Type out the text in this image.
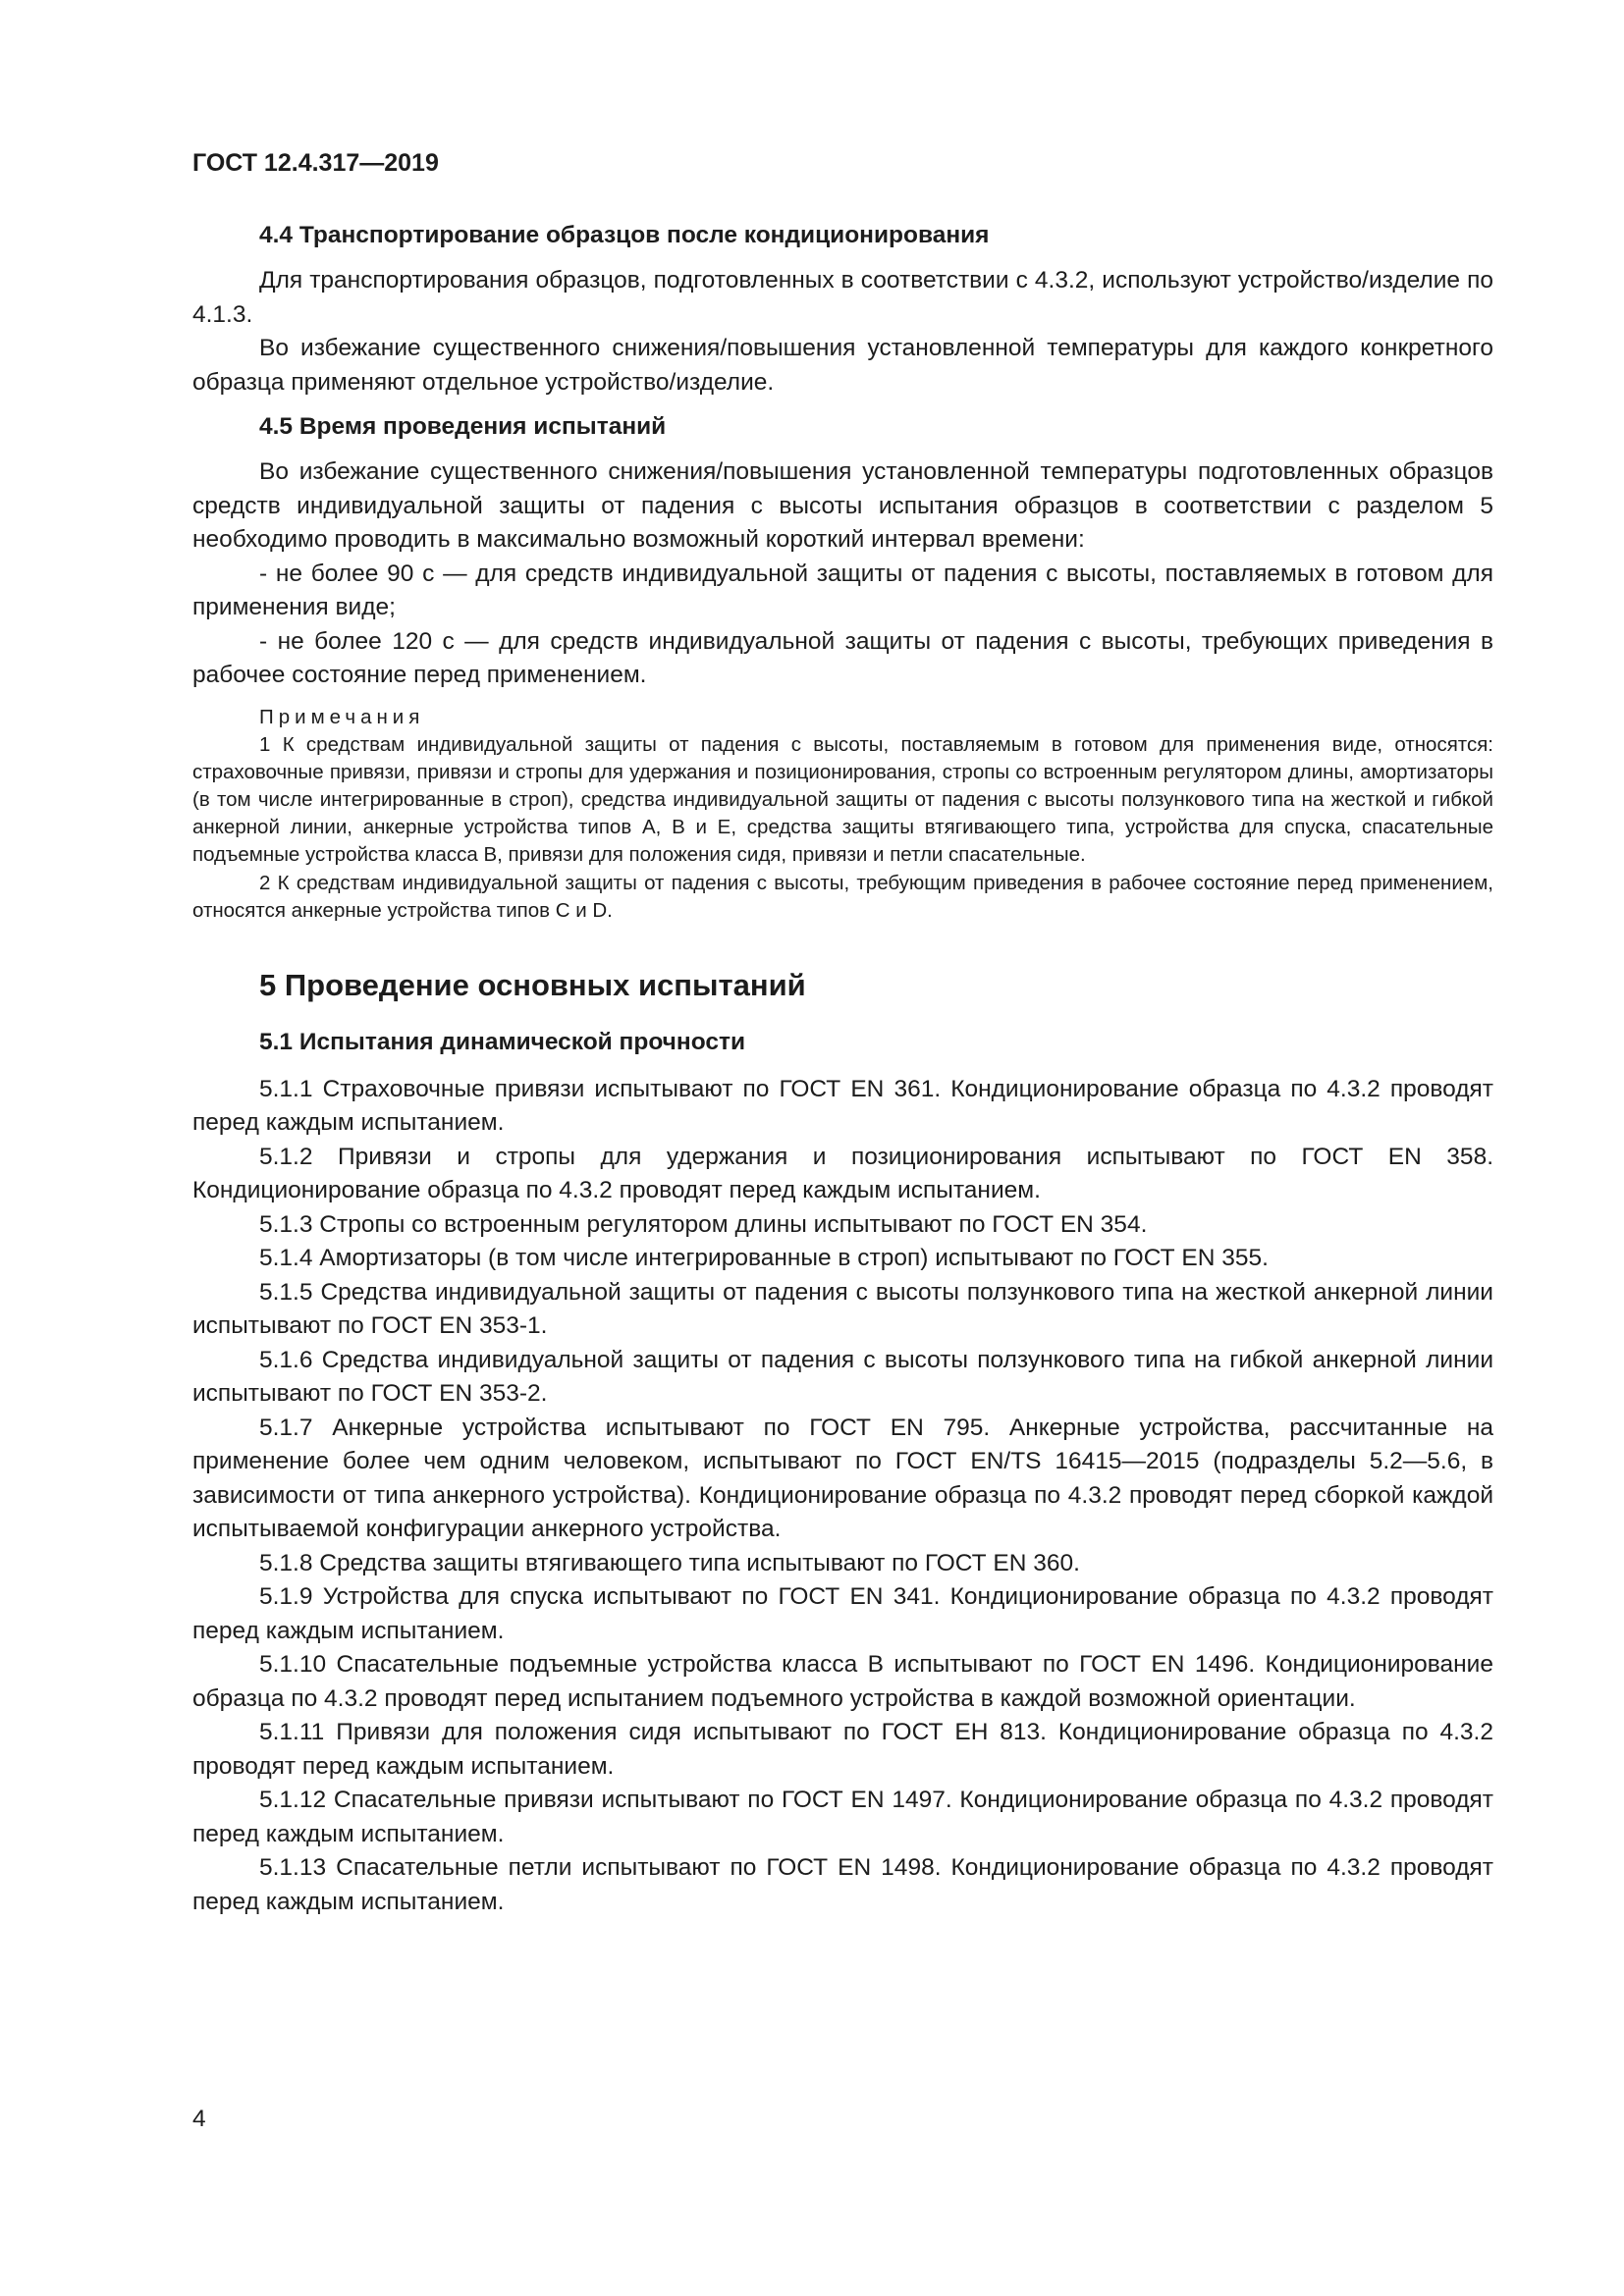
ГОСТ 12.4.317—2019
4.4 Транспортирование образцов после кондиционирования

Для транспортирования образцов, подготовленных в соответствии с 4.3.2, используют устройство/изделие по 4.1.3.

Во избежание существенного снижения/повышения установленной температуры для каждого конкретного образца применяют отдельное устройство/изделие.

4.5 Время проведения испытаний

Во избежание существенного снижения/повышения установленной температуры подготовленных образцов средств индивидуальной защиты от падения с высоты испытания образцов в соответствии с разделом 5 необходимо проводить в максимально возможный короткий интервал времени:

- не более 90 с — для средств индивидуальной защиты от падения с высоты, поставляемых в готовом для применения виде;

- не более 120 с — для средств индивидуальной защиты от падения с высоты, требующих приведения в рабочее состояние перед применением.

Примечания

1 К средствам индивидуальной защиты от падения с высоты, поставляемым в готовом для применения виде, относятся: страховочные привязи, привязи и стропы для удержания и позиционирования, стропы со встроенным регулятором длины, амортизаторы (в том числе интегрированные в строп), средства индивидуальной защиты от падения с высоты ползункового типа на жесткой и гибкой анкерной линии, анкерные устройства типов А, В и Е, средства защиты втягивающего типа, устройства для спуска, спасательные подъемные устройства класса В, привязи для положения сидя, привязи и петли спасательные.

2 К средствам индивидуальной защиты от падения с высоты, требующим приведения в рабочее состояние перед применением, относятся анкерные устройства типов С и D.

5 Проведение основных испытаний
5.1 Испытания динамической прочности

5.1.1 Страховочные привязи испытывают по ГОСТ EN 361. Кондиционирование образца по 4.3.2 проводят перед каждым испытанием.

5.1.2 Привязи и стропы для удержания и позиционирования испытывают по ГОСТ EN 358. Кондиционирование образца по 4.3.2 проводят перед каждым испытанием.

5.1.3 Стропы со встроенным регулятором длины испытывают по ГОСТ EN 354.

5.1.4 Амортизаторы (в том числе интегрированные в строп) испытывают по ГОСТ EN 355.

5.1.5 Средства индивидуальной защиты от падения с высоты ползункового типа на жесткой анкерной линии испытывают по ГОСТ EN 353-1.

5.1.6 Средства индивидуальной защиты от падения с высоты ползункового типа на гибкой анкерной линии испытывают по ГОСТ EN 353-2.

5.1.7 Анкерные устройства испытывают по ГОСТ EN 795. Анкерные устройства, рассчитанные на применение более чем одним человеком, испытывают по ГОСТ EN/TS 16415—2015 (подразделы 5.2—5.6, в зависимости от типа анкерного устройства). Кондиционирование образца по 4.3.2 проводят перед сборкой каждой испытываемой конфигурации анкерного устройства.

5.1.8 Средства защиты втягивающего типа испытывают по ГОСТ EN 360.

5.1.9 Устройства для спуска испытывают по ГОСТ EN 341. Кондиционирование образца по 4.3.2 проводят перед каждым испытанием.

5.1.10 Спасательные подъемные устройства класса В испытывают по ГОСТ EN 1496. Кондиционирование образца по 4.3.2 проводят перед испытанием подъемного устройства в каждой возможной ориентации.

5.1.11 Привязи для положения сидя испытывают по ГОСТ ЕН 813. Кондиционирование образца по 4.3.2 проводят перед каждым испытанием.

5.1.12 Спасательные привязи испытывают по ГОСТ EN 1497. Кондиционирование образца по 4.3.2 проводят перед каждым испытанием.

5.1.13 Спасательные петли испытывают по ГОСТ EN 1498. Кондиционирование образца по 4.3.2 проводят перед каждым испытанием.

4
